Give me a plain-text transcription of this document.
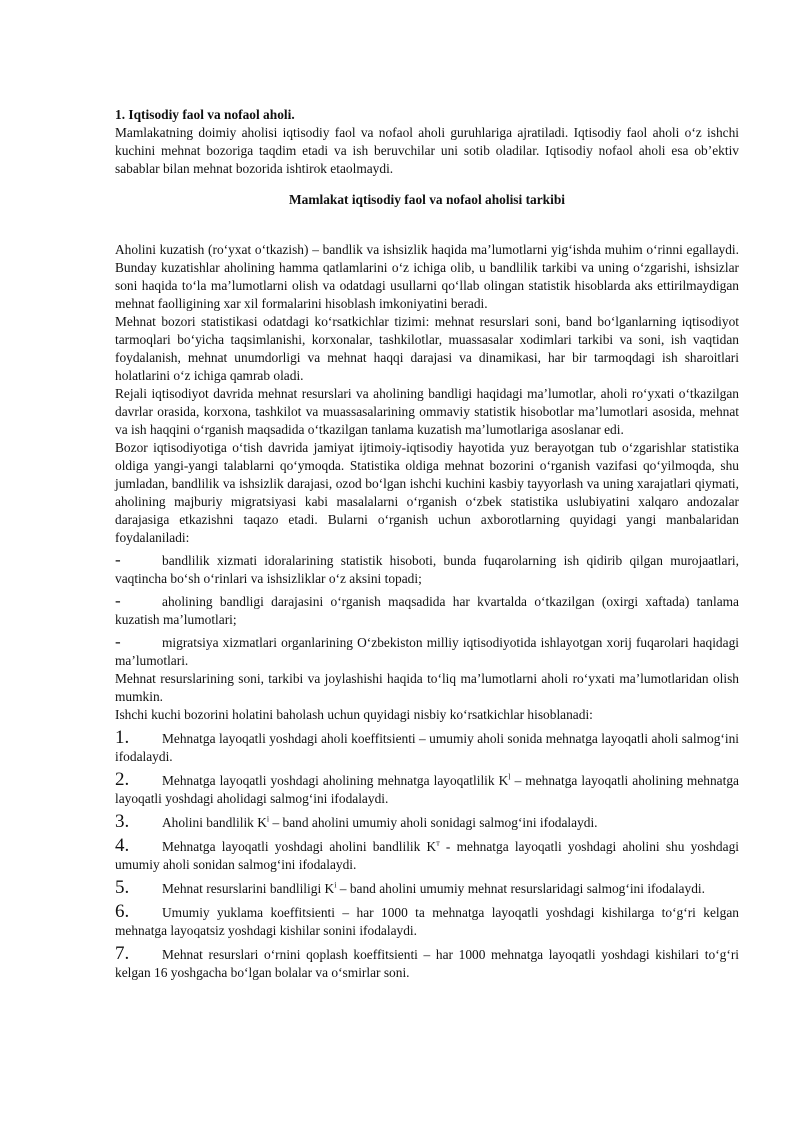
1. Iqtisodiy faol va nofaol aholi.

Mamlakatning doimiy aholisi iqtisodiy faol va nofaol aholi guruhlariga ajratiladi. Iqtisodiy faol aholi o‘z ishchi kuchini mehnat bozoriga taqdim etadi va ish beruvchilar uni sotib oladilar. Iqtisodiy nofaol aholi esa ob’ektiv sabablar bilan mehnat bozorida ishtirok etaolmaydi.

Mamlakat iqtisodiy faol va nofaol aholisi tarkibi

Aholini kuzatish (ro‘yxat o‘tkazish) – bandlik va ishsizlik haqida ma’lumotlarni yig‘ishda muhim o‘rinni egallaydi. Bunday kuzatishlar aholining hamma qatlamlarini o‘z ichiga olib, u bandlilik tarkibi va uning o‘zgarishi, ishsizlar soni haqida to‘la ma’lumotlarni olish va odatdagi usullarni qo‘llab olingan statistik hisoblarda aks ettirilmaydigan mehnat faolligining xar xil formalarini hisoblash imkoniyatini beradi.

Mehnat bozori statistikasi odatdagi ko‘rsatkichlar tizimi: mehnat resurslari soni, band bo‘lganlarning iqtisodiyot tarmoqlari bo‘yicha taqsimlanishi, korxonalar, tashkilotlar, muassasalar xodimlari tarkibi va soni, ish vaqtidan foydalanish, mehnat unumdorligi va mehnat haqqi darajasi va dinamikasi, har bir tarmoqdagi ish sharoitlari holatlarini o‘z ichiga qamrab oladi.

Rejali iqtisodiyot davrida mehnat resurslari va aholining bandligi haqidagi ma’lumotlar, aholi ro‘yxati o‘tkazilgan davrlar orasida, korxona, tashkilot va muassasalarining ommaviy statistik hisobotlar ma’lumotlari asosida, mehnat va ish haqqini o‘rganish maqsadida o‘tkazilgan tanlama kuzatish ma’lumotlariga asoslanar edi.

Bozor iqtisodiyotiga o‘tish davrida jamiyat ijtimoiy-iqtisodiy hayotida yuz berayotgan tub o‘zgarishlar statistika oldiga yangi-yangi talablarni qo‘ymoqda. Statistika oldiga mehnat bozorini o‘rganish vazifasi qo‘yilmoqda, shu jumladan, bandlilik va ishsizlik darajasi, ozod bo‘lgan ishchi kuchini kasbiy tayyorlash va uning xarajatlari qiymati, aholining majburiy migratsiyasi kabi masalalarni o‘rganish o‘zbek statistika uslubiyatini xalqaro andozalar darajasiga etkazishni taqazo etadi. Bularni o‘rganish uchun axborotlarning quyidagi yangi manbalaridan foydalaniladi:

-	bandlilik xizmati idoralarining statistik hisoboti, bunda fuqarolarning ish qidirib qilgan murojaatlari, vaqtincha bo‘sh o‘rinlari va ishsizliklar o‘z aksini topadi;

-	aholining bandligi darajasini o‘rganish maqsadida har kvartalda o‘tkazilgan (oxirgi xaftada) tanlama kuzatish ma’lumotlari;

-	migratsiya xizmatlari organlarining O‘zbekiston milliy iqtisodiyotida ishlayotgan xorij fuqarolari haqidagi ma’lumotlari.

Mehnat resurslarining soni, tarkibi va joylashishi haqida to‘liq ma’lumotlarni aholi ro‘yxati ma’lumotlaridan olish mumkin.

Ishchi kuchi bozorini holatini baholash uchun quyidagi nisbiy ko‘rsatkichlar hisoblanadi:

1. Mehnatga layoqatli yoshdagi aholi koeffitsienti – umumiy aholi sonida mehnatga layoqatli aholi salmog‘ini ifodalaydi.

2. Mehnatga layoqatli yoshdagi aholining mehnatga layoqatlilik $K^l$ – mehnatga layoqatli aholining mehnatga layoqatli yoshdagi aholidagi salmog‘ini ifodalaydi.

3. Aholini bandlilik $K^i$ – band aholini umumiy aholi sonidagi salmog‘ini ifodalaydi.

4. Mehnatga layoqatli yoshdagi aholini bandlilik $K^т$ - mehnatga layoqatli yoshdagi aholini shu yoshdagi umumiy aholi sonidan salmog‘ini ifodalaydi.

5. Mehnat resurslarini bandliligi $K^i$ – band aholini umumiy mehnat resurslaridagi salmog‘ini ifodalaydi.

6. Umumiy yuklama koeffitsienti – har 1000 ta mehnatga layoqatli yoshdagi kishilarga to‘g‘ri kelgan mehnatga layoqatsiz yoshdagi kishilar sonini ifodalaydi.

7. Mehnat resurslari o‘rnini qoplash koeffitsienti – har 1000 mehnatga layoqatli yoshdagi kishilari to‘g‘ri kelgan 16 yoshgacha bo‘lgan bolalar va o‘smirlar soni.
